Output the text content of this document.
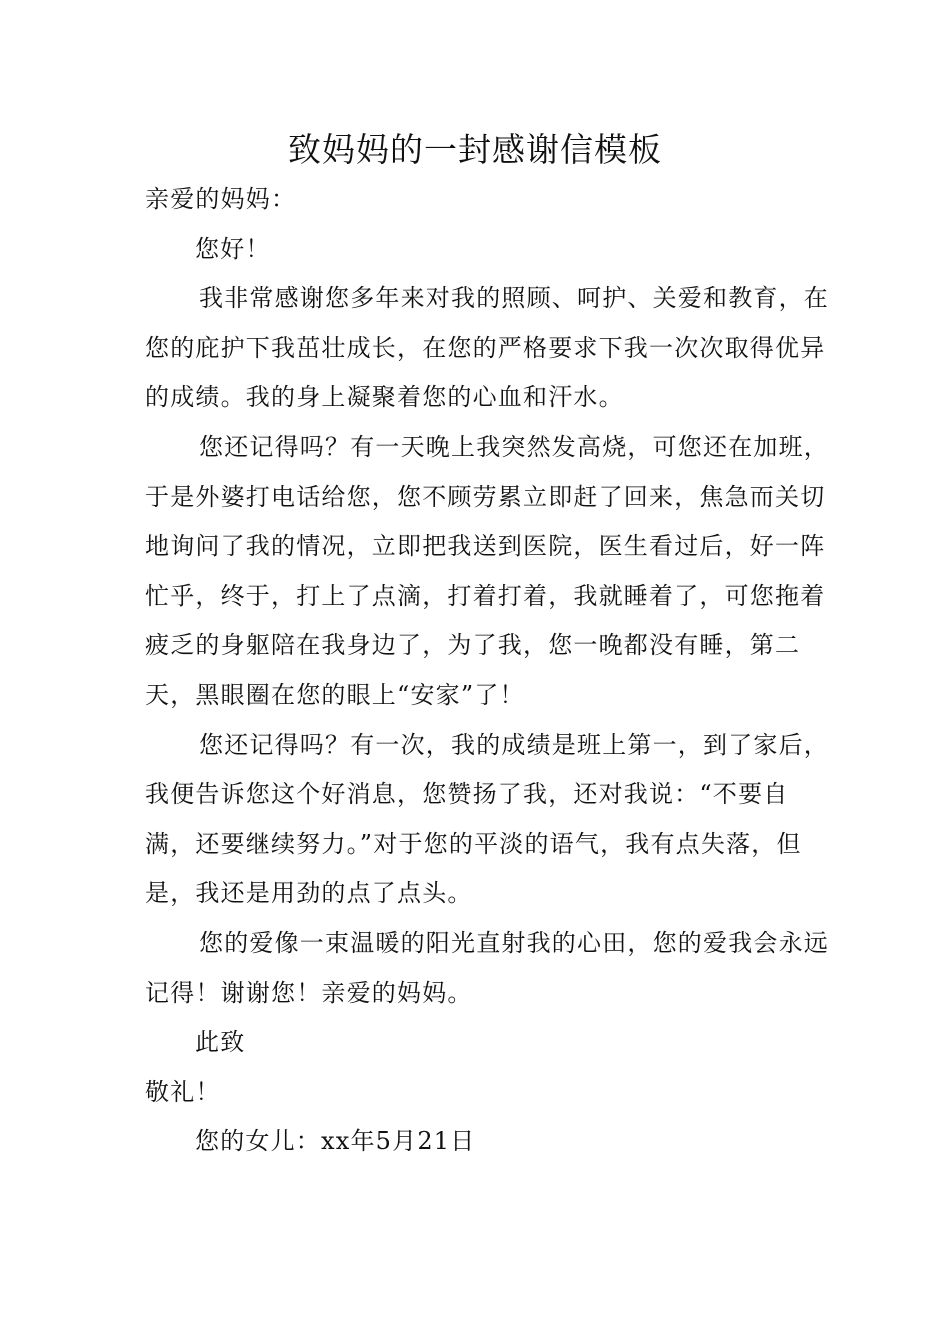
致妈妈的一封感谢信模板

亲爱的妈妈：

您好！

我非常感谢您多年来对我的照顾、呵护、关爱和教育，在您的庇护下我茁壮成长，在您的严格要求下我一次次取得优异的成绩。我的身上凝聚着您的心血和汗水。

您还记得吗？有一天晚上我突然发高烧，可您还在加班，于是外婆打电话给您，您不顾劳累立即赶了回来，焦急而关切地询问了我的情况，立即把我送到医院，医生看过后，好一阵忙乎，终于，打上了点滴，打着打着，我就睡着了，可您拖着疲乏的身躯陪在我身边了，为了我，您一晚都没有睡，第二天，黑眼圈在您的眼上“安家”了！

您还记得吗？有一次，我的成绩是班上第一，到了家后，我便告诉您这个好消息，您赞扬了我，还对我说：“不要自满，还要继续努力。”对于您的平淡的语气，我有点失落，但是，我还是用劲的点了点头。

您的爱像一束温暖的阳光直射我的心田，您的爱我会永远记得！谢谢您！亲爱的妈妈。

此致

敬礼！

您的女儿：xx年5月21日
